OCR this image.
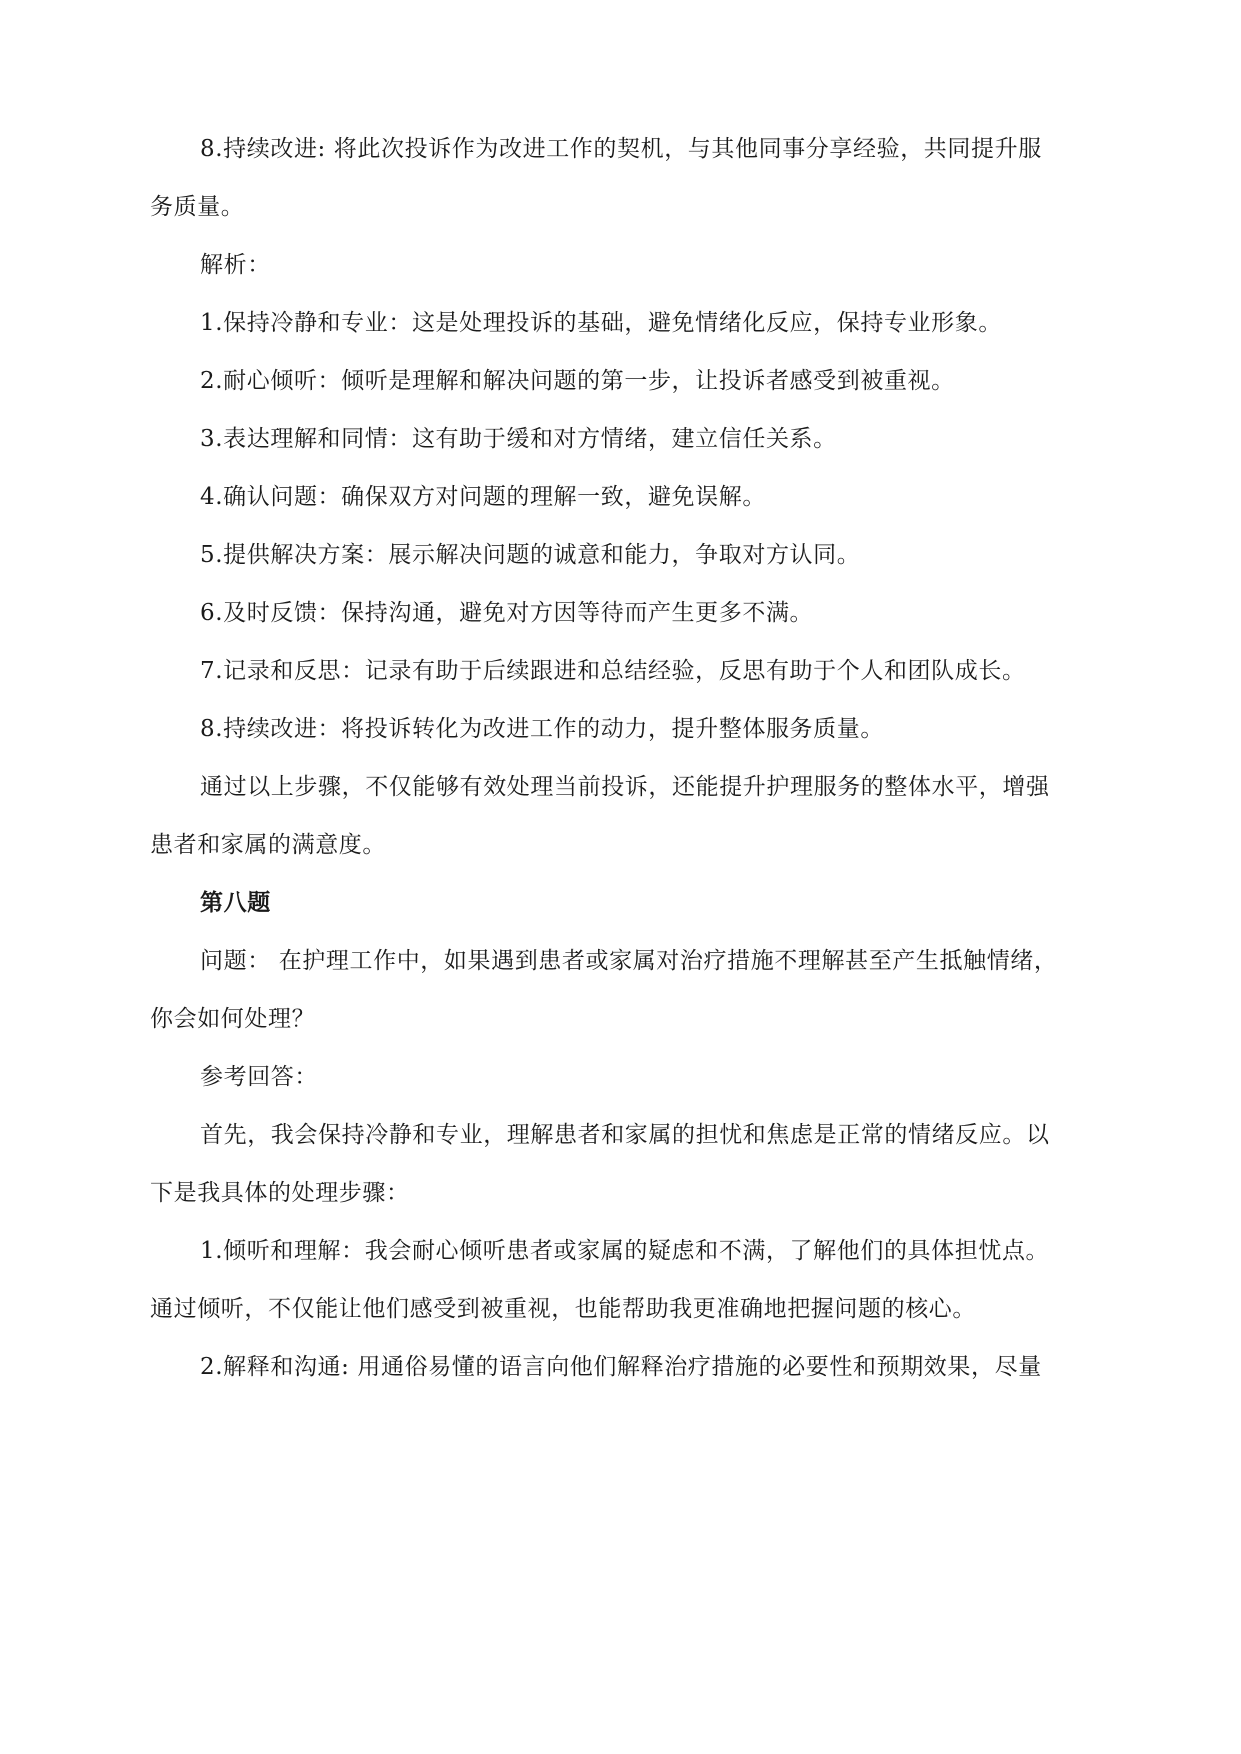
8.持续改进: 将此次投诉作为改进工作的契机，与其他同事分享经验，共同提升服
务质量。
解析：
1.保持冷静和专业：这是处理投诉的基础，避免情绪化反应，保持专业形象。
2.耐心倾听：倾听是理解和解决问题的第一步，让投诉者感受到被重视。
3.表达理解和同情：这有助于缓和对方情绪，建立信任关系。
4.确认问题：确保双方对问题的理解一致，避免误解。
5.提供解决方案：展示解决问题的诚意和能力，争取对方认同。
6.及时反馈：保持沟通，避免对方因等待而产生更多不满。
7.记录和反思：记录有助于后续跟进和总结经验，反思有助于个人和团队成长。
8.持续改进：将投诉转化为改进工作的动力，提升整体服务质量。
通过以上步骤，不仅能够有效处理当前投诉，还能提升护理服务的整体水平，增强
患者和家属的满意度。
第八题
问题： 在护理工作中，如果遇到患者或家属对治疗措施不理解甚至产生抵触情绪，
你会如何处理？
参考回答：
首先，我会保持冷静和专业，理解患者和家属的担忧和焦虑是正常的情绪反应。以
下是我具体的处理步骤：
1.倾听和理解：我会耐心倾听患者或家属的疑虑和不满，了解他们的具体担忧点。
通过倾听，不仅能让他们感受到被重视，也能帮助我更准确地把握问题的核心。
2.解释和沟通: 用通俗易懂的语言向他们解释治疗措施的必要性和预期效果，尽量
